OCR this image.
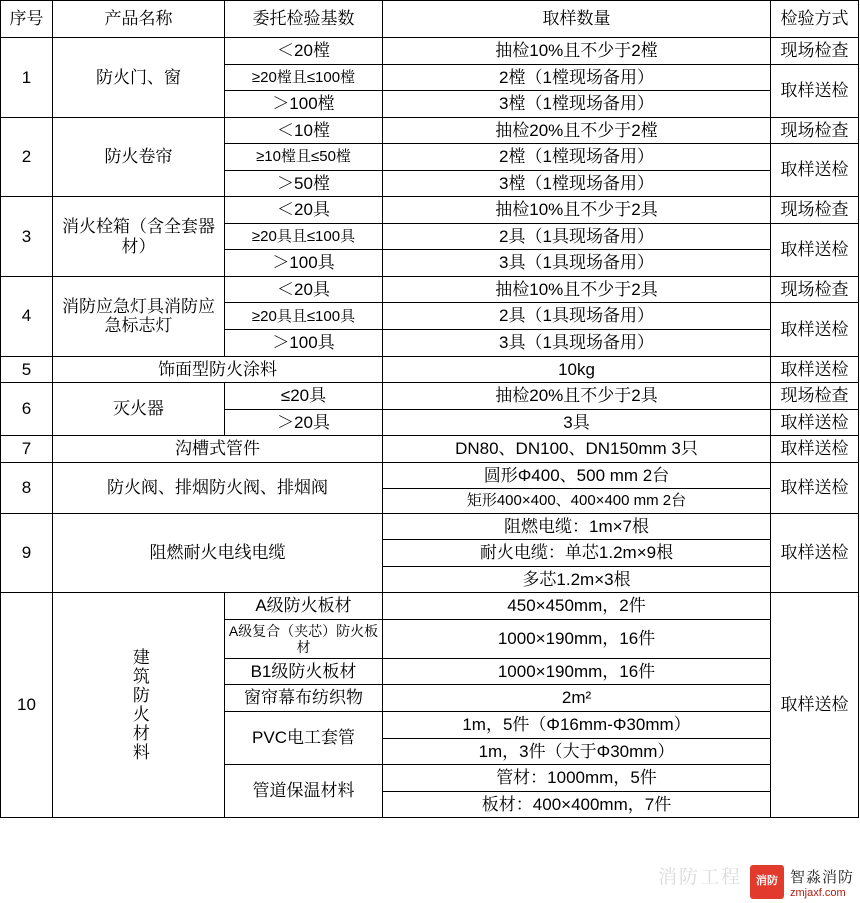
序号	产品名称	委托检验基数	取样数量	检验方式
1	防火门、窗	＜20樘	抽检10%且不少于2樘	现场检查
		≥20樘且≤100樘	2樘（1樘现场备用）	取样送检
		＞100樘	3樘（1樘现场备用）	
2	防火卷帘	＜10樘	抽检20%且不少于2樘	现场检查
		≥10樘且≤50樘	2樘（1樘现场备用）	取样送检
		＞50樘	3樘（1樘现场备用）	
3	消火栓箱（含全套器材）	＜20具	抽检10%且不少于2具	现场检查
		≥20具且≤100具	2具（1具现场备用）	取样送检
		＞100具	3具（1具现场备用）	
4	消防应急灯具消防应急标志灯	＜20具	抽检10%且不少于2具	现场检查
		≥20具且≤100具	2具（1具现场备用）	取样送检
		＞100具	3具（1具现场备用）	
5	饰面型防火涂料		10kg	取样送检
6	灭火器	≤20具	抽检20%且不少于2具	现场检查
		＞20具	3具	取样送检
7	沟槽式管件		DN80、DN100、DN150mm 3只	取样送检
8	防火阀、排烟防火阀、排烟阀		圆形Φ400、500 mm 2台	取样送检
			矩形400×400、400×400 mm 2台	
9	阻燃耐火电线电缆		阻燃电缆：1m×7根	取样送检
			耐火电缆：单芯1.2m×9根	
			多芯1.2m×3根	
10	建筑防火材料	A级防火板材	450×450mm，2件	取样送检
		A级复合（夹芯）防火板材	1000×190mm，16件	
		B1级防火板材	1000×190mm，16件	
		窗帘幕布纺织物	2m²	
		PVC电工套管	1m，5件（Φ16mm-Φ30mm）	
			1m，3件（大于Φ30mm）	
		管道保温材料	管材：1000mm，5件	
			板材：400×400mm，7件	
消防工程	消防 智淼消防
zmjaxf.com
